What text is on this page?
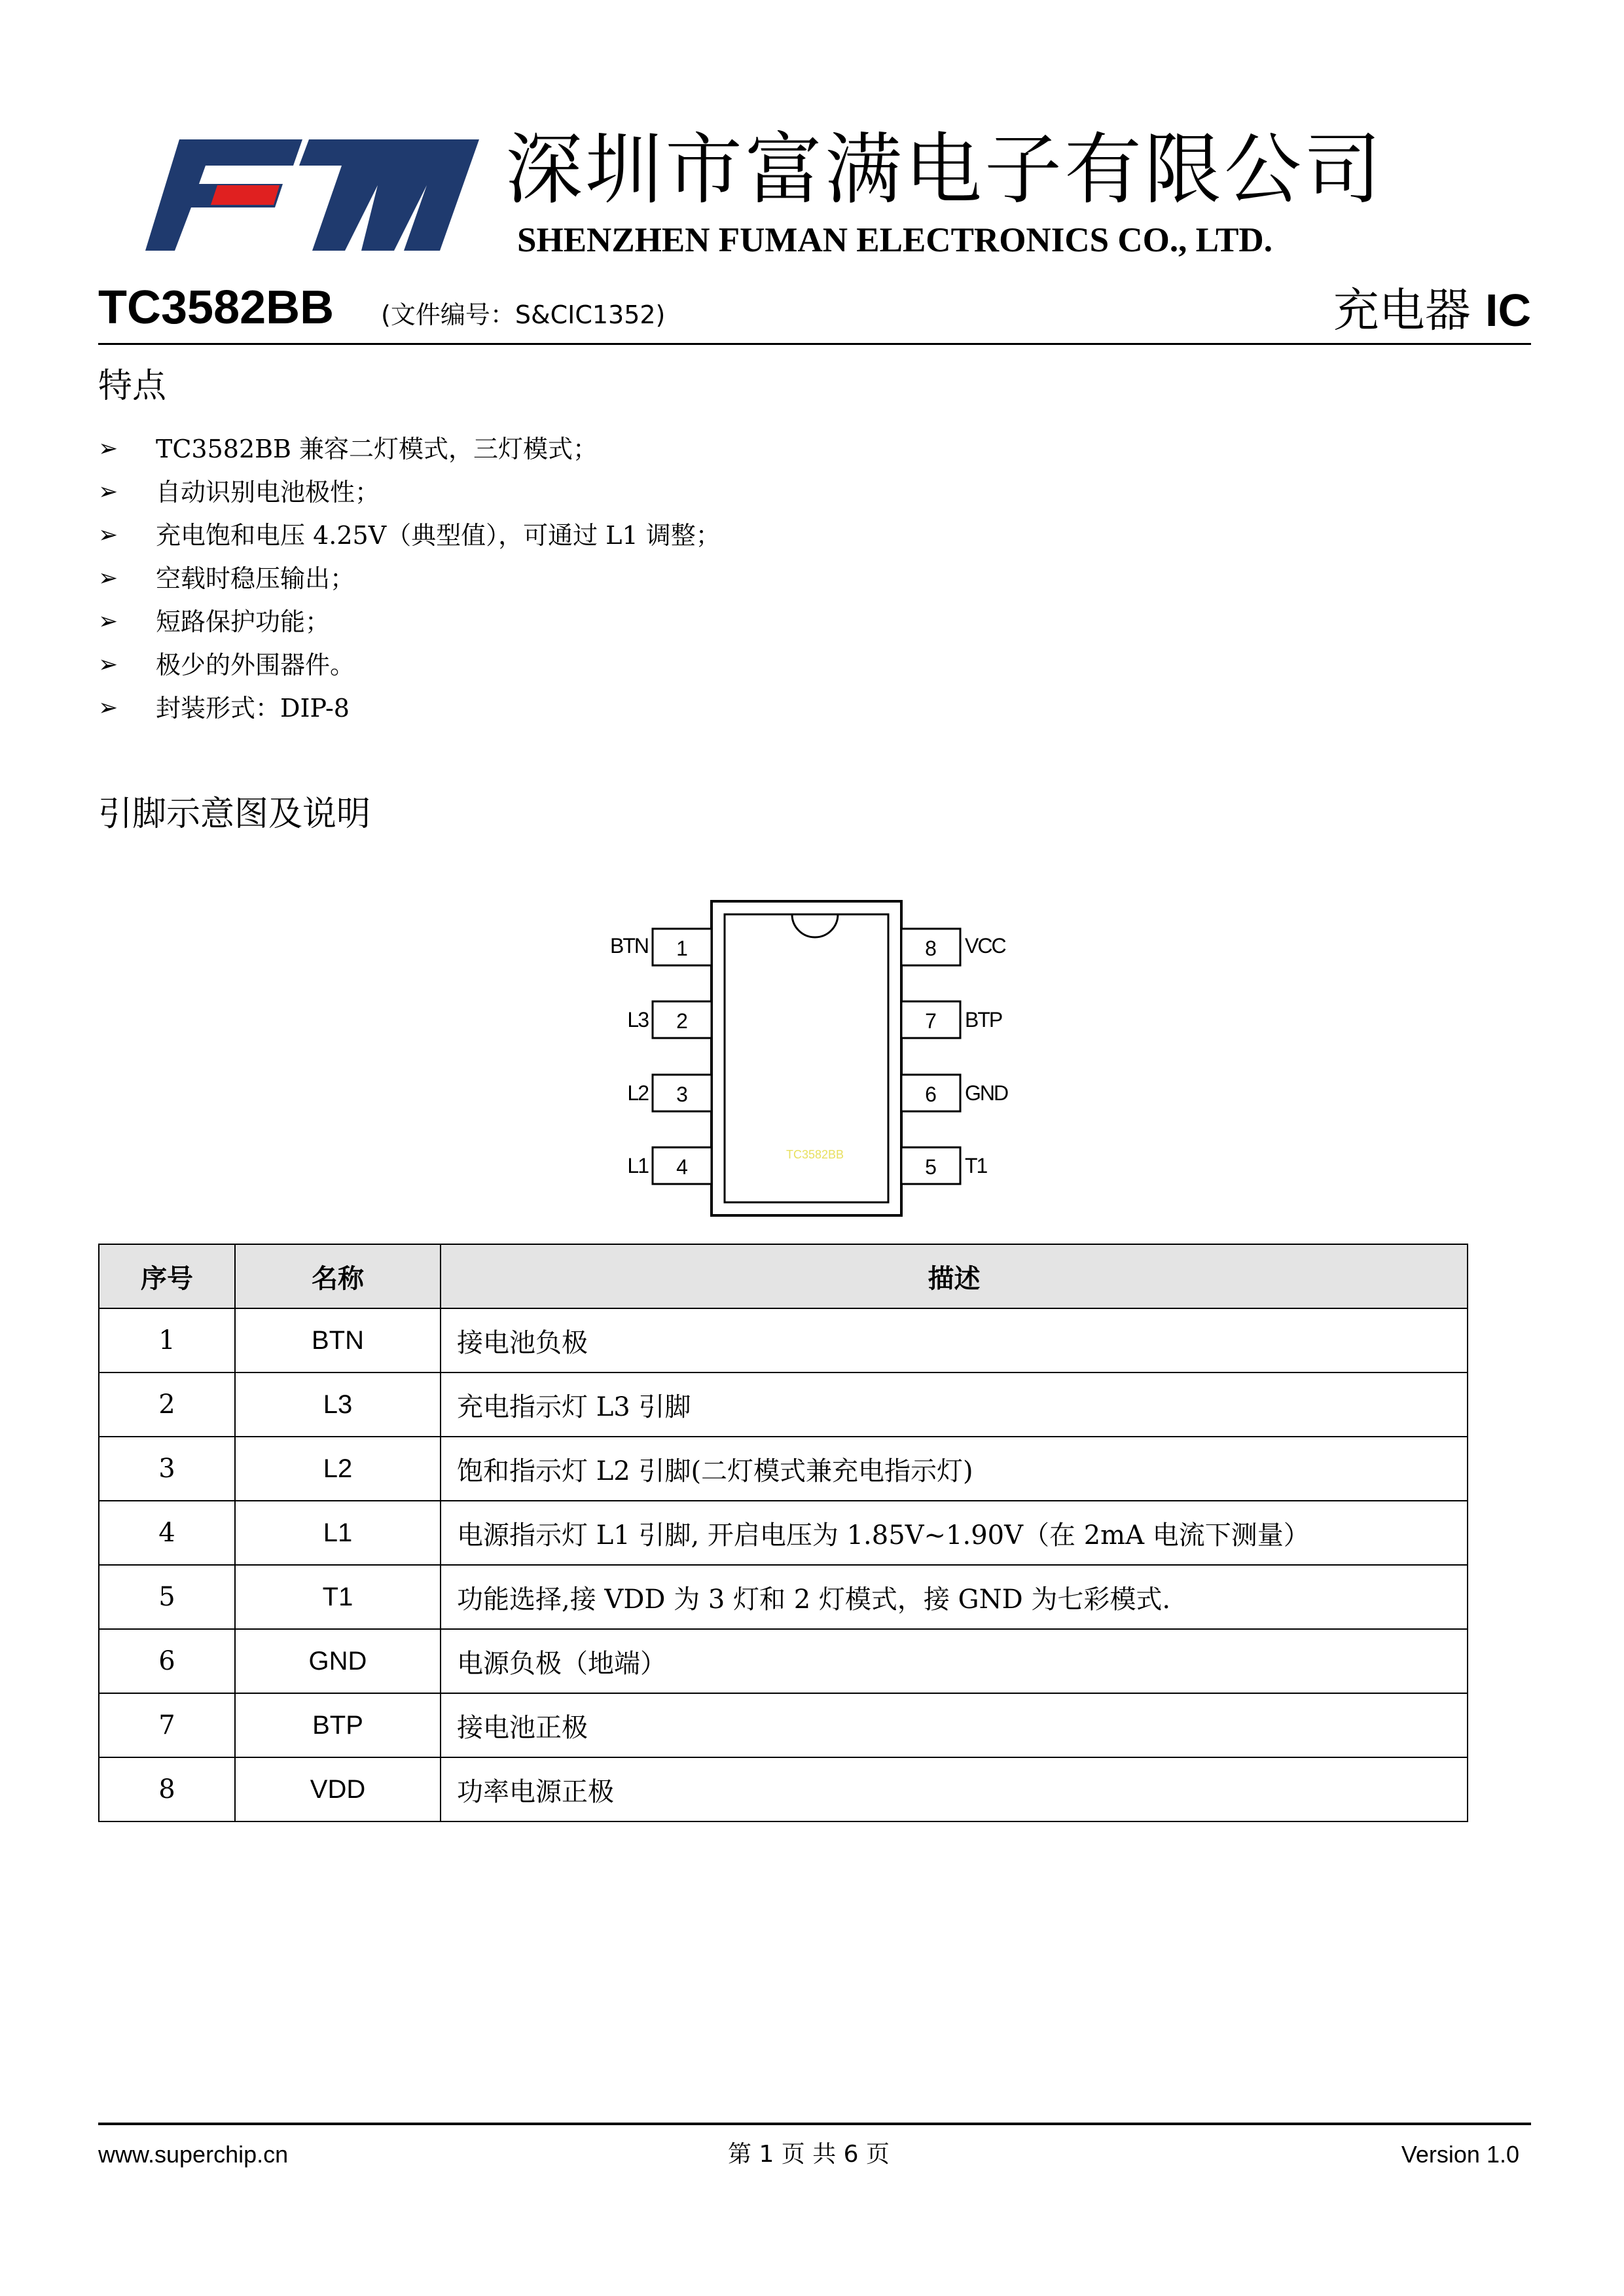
深圳市富满电子有限公司
SHENZHEN FUMAN ELECTRONICS CO., LTD.
TC3582BB (文件编号：S&CIC1352)	充电器 IC
特点
➢ TC3582BB 兼容二灯模式，三灯模式；
➢ 自动识别电池极性；
➢ 充电饱和电压 4.25V（典型值），可通过 L1 调整；
➢ 空载时稳压输出；
➢ 短路保护功能；
➢ 极少的外围器件。
➢ 封装形式：DIP-8
引脚示意图及说明
TC3582BB
1
BTN
2
L3
3
L2
4
L1
8 VCC
7 BTP
6 GND
5 T1
序号	名称	描述
1	BTN	接电池负极
2	L3	充电指示灯 L3 引脚
3	L2	饱和指示灯 L2 引脚(二灯模式兼充电指示灯)
4	L1	电源指示灯 L1 引脚, 开启电压为 1.85V~1.90V（在 2mA 电流下测量）
5	T1	功能选择,接 VDD 为 3 灯和 2 灯模式，接 GND 为七彩模式.
6	GND	电源负极（地端）
7	BTP	接电池正极
8	VDD	功率电源正极
www.superchip.cn	第 1 页 共 6 页	Version 1.0
